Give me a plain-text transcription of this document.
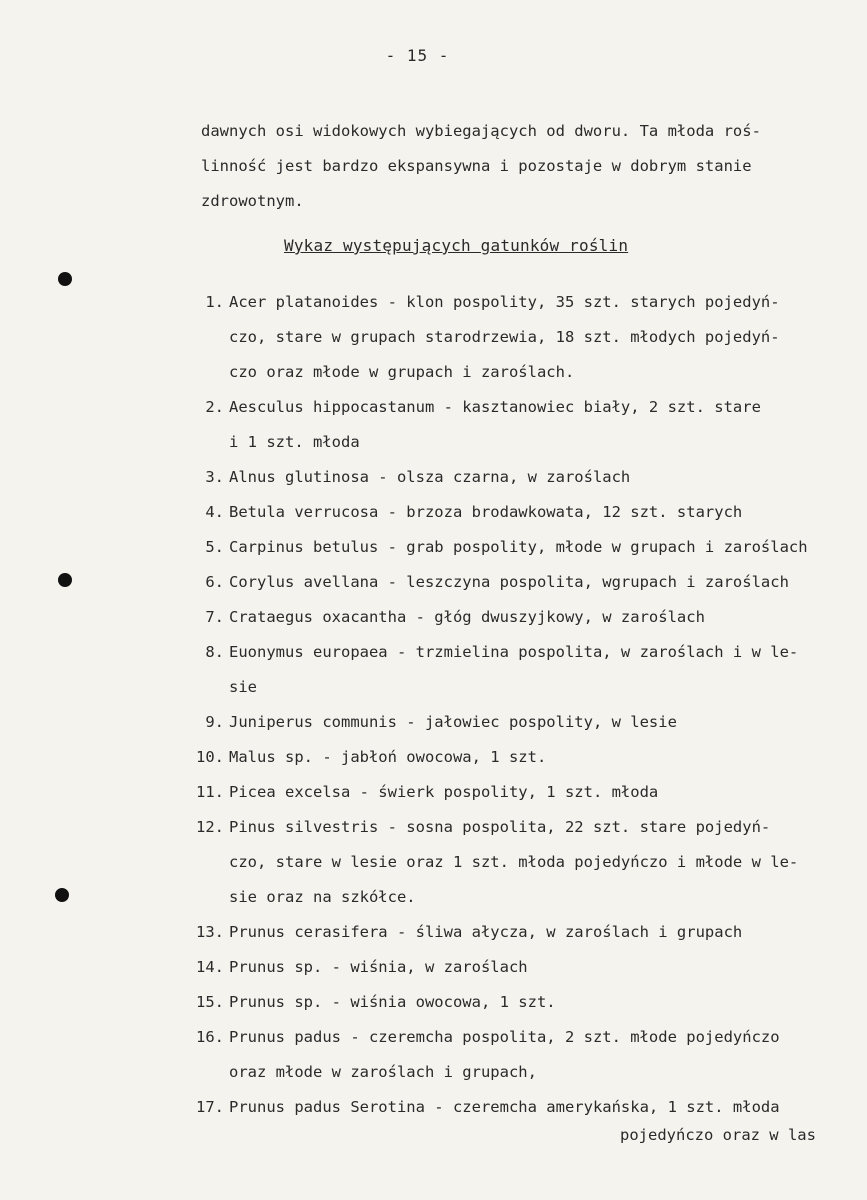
- 15 -
dawnych osi widokowych wybiegających od dworu. Ta młoda roś-
linność jest bardzo ekspansywna i pozostaje w dobrym stanie
zdrowotnym.
Wykaz występujących gatunków roślin
1. Acer platanoides - klon pospolity, 35 szt. starych pojedyń-
czo, stare w grupach starodrzewia, 18 szt. młodych pojedyń-
czo oraz młode w grupach i zaroślach.
2. Aesculus hippocastanum - kasztanowiec biały, 2 szt. stare
i 1 szt. młoda
3. Alnus glutinosa - olsza czarna, w zaroślach
4. Betula verrucosa - brzoza brodawkowata, 12 szt. starych
5. Carpinus betulus - grab pospolity, młode w grupach i zaroślach
6. Corylus avellana - leszczyna pospolita, wgrupach i zaroślach
7. Crataegus oxacantha - głóg dwuszyjkowy, w zaroślach
8. Euonymus europaea - trzmielina pospolita, w zaroślach i w le-
sie
9. Juniperus communis - jałowiec pospolity, w lesie
10. Malus sp. - jabłoń owocowa, 1 szt.
11. Picea excelsa - świerk pospolity, 1 szt. młoda
12. Pinus silvestris - sosna pospolita, 22 szt. stare pojedyń-
czo, stare w lesie oraz 1 szt. młoda pojedyńczo i młode w le-
sie oraz na szkółce.
13. Prunus cerasifera - śliwa ałycza, w zaroślach i grupach
14. Prunus sp. - wiśnia, w zaroślach
15. Prunus sp. - wiśnia owocowa, 1 szt.
16. Prunus padus - czeremcha pospolita, 2 szt. młode pojedyńczo
oraz młode w zaroślach i grupach,
17. Prunus padus Serotina - czeremcha amerykańska, 1 szt. młoda
pojedyńczo oraz w las
